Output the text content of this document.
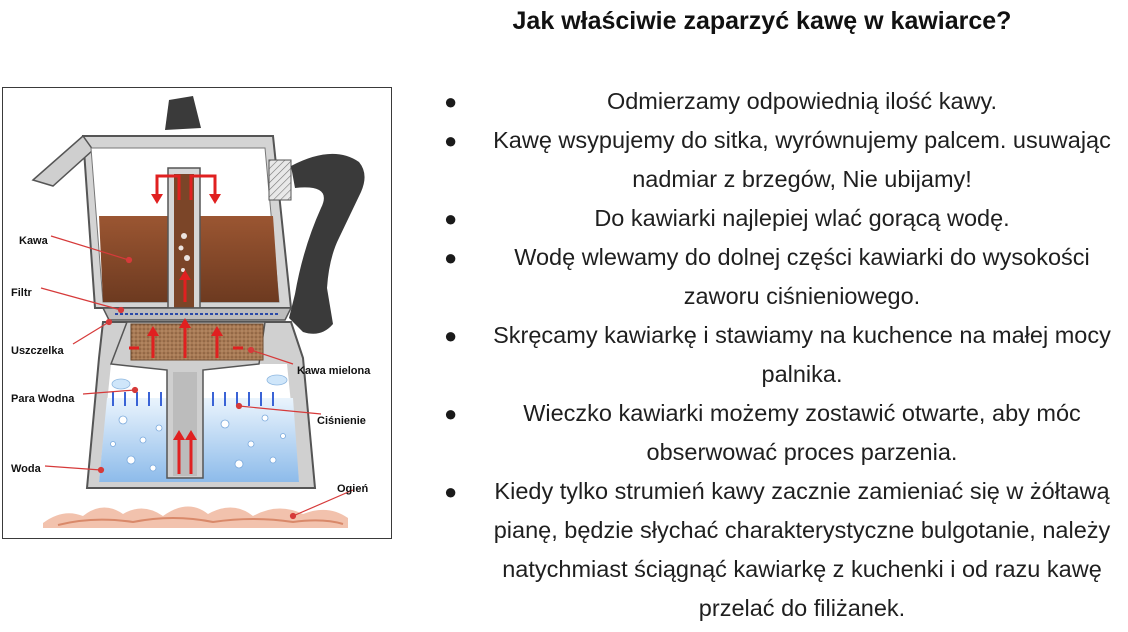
Kawa
Filtr
Uszczelka
Para Wodna
Woda
Kawa mielona
Ciśnienie
Ogień
Jak właściwie zaparzyć kawę w kawiarce?
●	Odmierzamy odpowiednią ilość kawy.
●	Kawę wsypujemy do sitka, wyrównujemy palcem. usuwając nadmiar z brzegów, Nie ubijamy!
●	Do kawiarki najlepiej wlać gorącą wodę.
●	Wodę wlewamy do dolnej części kawiarki do wysokości zaworu ciśnieniowego.
●	Skręcamy kawiarkę i stawiamy na kuchence na małej mocy palnika.
●	Wieczko kawiarki możemy zostawić otwarte, aby móc obserwować proces parzenia.
●	Kiedy tylko strumień kawy zacznie zamieniać się w żółtawą pianę, będzie słychać charakterystyczne bulgotanie, należy natychmiast ściągnąć kawiarkę z kuchenki i od razu kawę przelać do filiżanek.
